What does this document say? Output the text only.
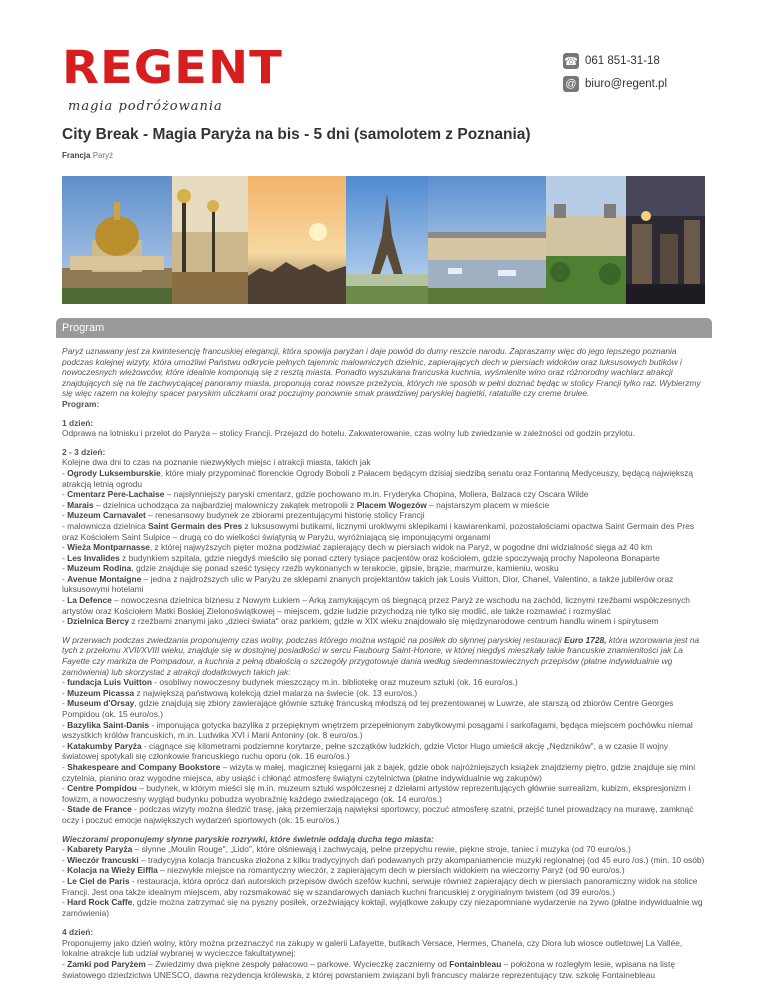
REGENT
magia podróżowania
☎ 061 851-31-18
@ biuro@regent.pl
City Break - Magia Paryża na bis - 5 dni (samolotem z Poznania)
Francja Paryż
Program

Paryż uznawany jest za kwintesencję francuskiej elegancji, która spowija paryżan i daje powód do dumy reszcie narodu. Zapraszamy więc do jego lepszego poznania podczas kolejnej wizyty, która umożliwi Państwu odkrycie pełnych tajemnic malowniczych dzielnic, zapierających dech w piersiach widoków oraz luksusowych butików i nowoczesnych wieżowców, które idealnie komponują się z resztą miasta. Ponadto wyszukana francuska kuchnia, wyśmienite wino oraz różnorodny wachlarz atrakcji znajdujących się na tle zachwycającej panoramy miasta, proponują coraz nowsze przeżycia, których nie sposób w pełni doznać będąc w stolicy Francji tylko raz. Wybierzmy się więc razem na kolejny spacer paryskim uliczkami oraz poczujmy ponownie smak prawdziwej paryskiej bagietki, ratatuille czy creme brulee.

Program:

1 dzień:

Odprawa na lotnisku i przelot do Paryża – stolicy Francji. Przejazd do hotelu. Zakwaterowanie, czas wolny lub zwiedzanie w zależności od godzin przylotu.

2 - 3 dzień:

Kolejne dwa dni to czas na poznanie niezwykłych miejsc i atrakcji miasta, takich jak

- Ogrody Luksemburskie, które miały przypominać florenckie Ogrody Boboli z Pałacem będącym dzisiaj siedzibą senatu oraz Fontanną Medyceuszy, będącą największą atrakcją letnią ogrodu

- Cmentarz Pere-Lachaise – najsłynniejszy paryski cmentarz, gdzie pochowano m.in. Fryderyka Chopina, Moliera, Balzaca czy Oscara Wilde

- Marais – dzielnica uchodząca za najbardziej malowniczy zakątek metropolii z Placem Wogezów – najstarszym placem w mieście

- Muzeum Carnavalet – renesansowy budynek ze zbiorami prezentującymi historię stolicy Francji

- malownicza dzielnica Saint Germain des Pres z luksusowymi butikami, licznymi uroklwymi sklepikami i kawiarenkami, pozostałościami opactwa Saint Germain des Pres oraz Kościołem Saint Sulpice – drugą co do wielkości świątynią w Paryżu, wyróżniającą się imponującymi organami

- Wieża Montparnasse, z której najwyższych pięter można podziwiać zapierający dech w piersiach widok na Paryż, w pogodne dni widzialność sięga aż 40 km

- Les Invalides z budynkiem szpitala, gdzie niegdyś mieściło się ponad cztery tysiące pacjentów oraz kościołem, gdzie spoczywają prochy Napoleona Bonaparte

- Muzeum Rodina, gdzie znajduje się ponad sześć tysięcy rzeźb wykonanych w terakocie, gipsie, brązie, marmurze, kamieniu, wosku

- Avenue Montaigne – jedna z najdroższych ulic w Paryżu ze sklepami znanych projektantów takich jak Louis Vuitton, Dior, Chanel, Valentino, a także jubilerów oraz luksusowymi hotelami

- La Defence – nowoczesna dzielnica biznesu z Nowym Łukiem – Arką zamykającym oś biegnącą przez Paryż ze wschodu na zachód, licznymi rzeźbami współczesnych artystów oraz Kościołem Matki Boskiej Zielonoświątkowej – miejscem, gdzie ludzie przychodzą nie tylko się modlić, ale także rozmawiać i rozmyślać

- Dzielnica Bercy z rzeźbami znanymi jako „dzieci świata" oraz parkiem, gdzie w XIX wieku znajdowało się międzynarodowe centrum handlu winem i spirytusem

W przerwach podczas zwiedzania proponujemy czas wolny, podczas którego można wstąpić na posiłek do słynnej paryskiej restauracji Euro 1728, która wzorowana jest na tych z przełomu XVII/XVIII wieku, znajduje się w dostojnej posiadłości w sercu Faubourg Saint-Honore, w której niegdyś mieszkały takie francuskie znamienitości jak La Fayette czy markiza de Pompadour, a kuchnia z pełną dbałością o szczegóły przygotowuje dania według siedemnastowiecznych przepisów (płatne indywidualnie wg zamówienia) lub skorzystać z atrakcji dodatkowych takich jak:

- fundacja Luis Vuitton - osobliwy nowoczesny budynek mieszczący m.in. bibliotekę oraz muzeum sztuki (ok. 16 euro/os.)

- Muzeum Picassa z największą państwową kolekcją dzieł malarza na świecie (ok. 13 euro/os.)

- Museum d'Orsay, gdzie znajdują się zbiory zawierające głównie sztukę francuską młodszą od tej prezentowanej w Luwrze, ale starszą od zbiorów Centre Georges Pompidou (ok. 15 euro/os.)

- Bazylika Saint-Danis - imponująca gotycka bazylika z przepięknym wnętrzem przepełnionym zabytkowymi posągami i sarkofagami, będąca miejscem pochówku niemal wszystkich królów francuskich, m.in. Ludwika XVI i Marii Antoniny (ok. 8 euro/os.)

- Katakumby Paryża - ciągnące się kilometrami podziemne korytarze, pełne szczątków ludzkich, gdzie Victor Hugo umieścił akcję „Nędzników", a w czasie II wojny światowej spotykali się członkowie francuskiego ruchu oporu (ok. 16 euro/os.)

- Shakespeare and Company Bookstore – wizyta w małej, magicznej księgarni jak z bajek, gdzie obok najróżniejszych książek znajdziemy piętro, gdzie znajduje się mini czytelnia, pianino oraz wygodne miejsca, aby usiąść i chłonąć atmosferę świątyni czytelnictwa (płatne indywidualnie wg zakupów)

- Centre Pompidou – budynek, w którym mieści się m.in. muzeum sztuki współczesnej z dziełami artystów reprezentujących głównie surrealizm, kubizm, ekspresjonizm i fowizm, a nowoczesny wygląd budynku pobudza wyobraźnię każdego zwiedzającego (ok. 14 euro/os.)

- Stade de France - podczas wizyty można śledzić trasę, jaką przemierzają najwięksi sportowcy, poczuć atmosferę szatni, przejść tunel prowadzący na murawę, zamknąć oczy i poczuć emocje największych wydarzeń sportowych (ok. 15 euro/os.)

Wieczorami proponujemy słynne paryskie rozrywki, które świetnie oddają ducha tego miasta:

- Kabarety Paryża – słynne „Moulin Rouge", „Lido", które olśniewają i zachwycają, pełne przepychu rewie, piękne stroje, taniec i muzyka (od 70 euro/os.)

- Wieczór francuski – tradycyjna kolacja francuska złożona z kilku tradycyjnych dań podawanych przy akompaniamencie muzyki regionalnej (od 45 euro /os.) (min. 10 osób)

- Kolacja na Wieży Eiffla – niezwykłe miejsce na romantyczny wieczór, z zapierającym dech w piersiach widokiem na wieczorny Paryż (od 90 euro/os.)

- Le Ciel de Paris - restauracja, która oprócz dań autorskich przepisów dwóch szefów kuchni, serwuje również zapierający dech w piersiach panoramiczny widok na stolice Francji. Jest ona także idealnym miejscem, aby rozsmakować się w szandarowych daniach kuchni francuskiej z oryginalnym twistem (od 39 euro/os.)

- Hard Rock Caffe, gdzie można zatrzymać się na pyszny posiłek, orzeźwiający koktajl, wyjątkowe zakupy czy niezapomniane wydarzenie na żywo (płatne indywidualnie wg zamówienia)

4 dzień:

Proponujemy jako dzień wolny, który można przeznaczyć na zakupy w galerii Lafayette, butikach Versace, Hermes, Chanela, czy Diora lub wiosce outletowej La Vallée, lokalne atrakcje lub udział wybranej w wycieczce fakultatywnej:

- Zamki pod Paryżem – Zwiedzimy dwa piękne zespoły pałacowo – parkowe. Wycieczkę zaczniemy od Fontainbleau – położona w rozległym lesie, wpisana na listę światowego dziedzictwa UNESCO, dawna rezydencja królewska, z której powstaniem związani byli francuscy malarze reprezentujący tzw. szkołę Fontainebleau
